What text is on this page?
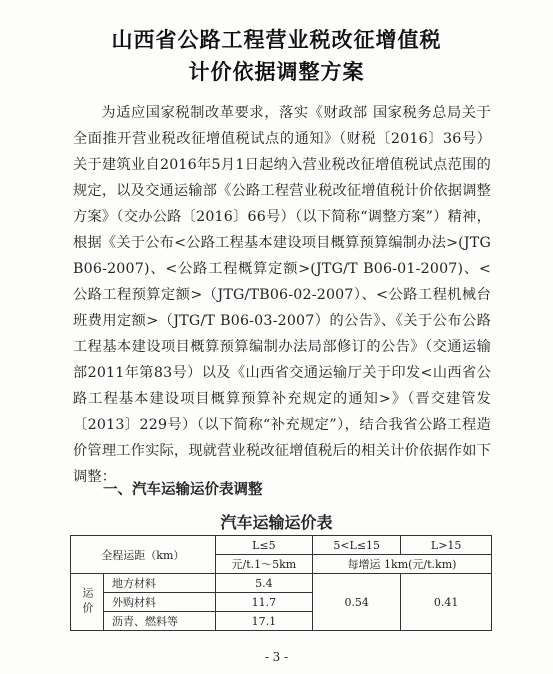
山西省公路工程营业税改征增值税
计价依据调整方案
为适应国家税制改革要求，落实《财政部 国家税务总局关于全面推开营业税改征增值税试点的通知》（财税〔2016〕36号）关于建筑业自2016年5月1日起纳入营业税改征增值税试点范围的规定，以及交通运输部《公路工程营业税改征增值税计价依据调整方案》（交办公路〔2016〕66号）（以下简称“调整方案”）精神，根据《关于公布<公路工程基本建设项目概算预算编制办法>(JTG B06-2007)、<公路工程概算定额>(JTG/T B06-01-2007)、<公路工程预算定额>（JTG/TB06-02-2007）、<公路工程机械台班费用定额>（JTG/T B06-03-2007）的公告》、《关于公布公路工程基本建设项目概算预算编制办法局部修订的公告》（交通运输部2011年第83号）以及《山西省交通运输厅关于印发<山西省公路工程基本建设项目概算预算补充规定的通知>》（晋交建管发〔2013〕229号）（以下简称“补充规定”），结合我省公路工程造价管理工作实际，现就营业税改征增值税后的相关计价依据作如下调整：
一、汽车运输运价表调整
汽车运输运价表
全程运距（km）		L≤5	5<L≤15	L>15
		元/t.1～5km	每增运 1km(元/t.km)	

运价	地方材料	5.4	0.54	0.41
	外购材料	11.7		
	沥青、燃料等	17.1		
- 3 -
